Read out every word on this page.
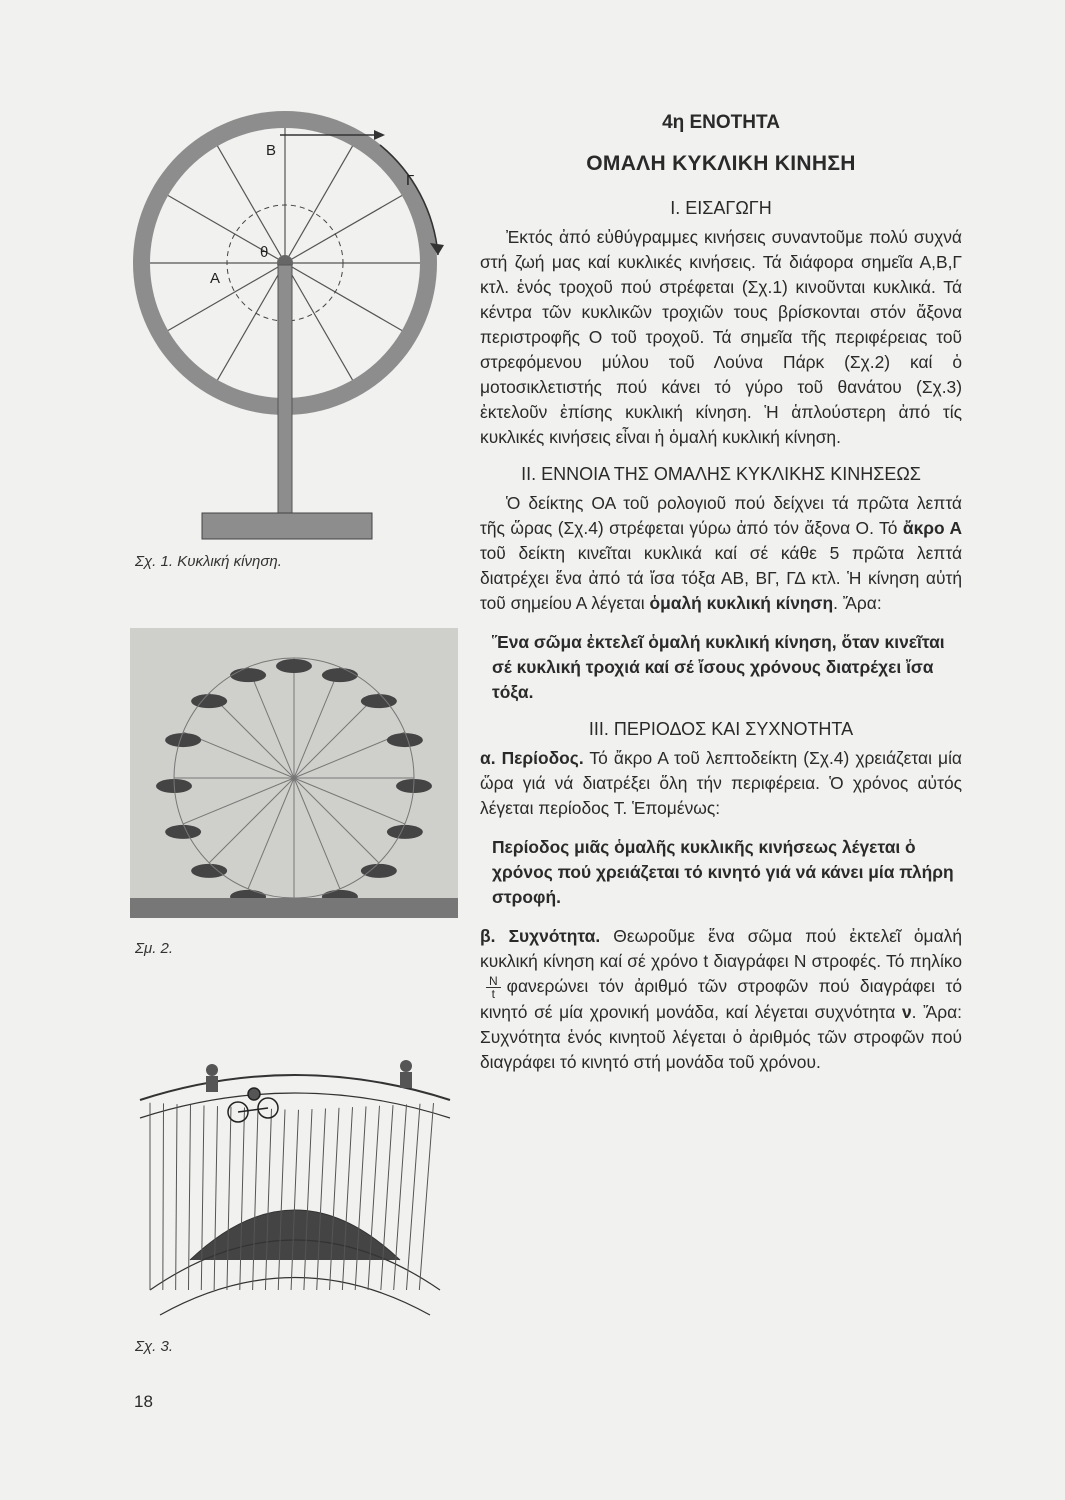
B
A
θ
Γ
Σχ. 1. Κυκλική κίνηση.
Σμ. 2.
Σχ. 3.
4η ΕΝΟΤΗΤΑ
ΟΜΑΛΗ ΚΥΚΛΙΚΗ ΚΙΝΗΣΗ
Ι. ΕΙΣΑΓΩΓΗ

Ἐκτός ἀπό εὐθύγραμμες κινήσεις συναντοῦμε πολύ συχνά στή ζωή μας καί κυκλικές κινήσεις. Τά διάφορα σημεῖα Α,Β,Γ κτλ. ἑνός τροχοῦ πού στρέφεται (Σχ.1) κινοῦνται κυκλικά. Τά κέντρα τῶν κυκλικῶν τροχιῶν τους βρίσκονται στόν ἄξονα περιστροφῆς Ο τοῦ τροχοῦ. Τά σημεῖα τῆς περιφέρειας τοῦ στρεφόμενου μύλου τοῦ Λούνα Πάρκ (Σχ.2) καί ὁ μοτοσικλετιστής πού κάνει τό γύρο τοῦ θανάτου (Σχ.3) ἐκτελοῦν ἐπίσης κυκλική κίνηση. Ἡ ἁπλούστερη ἀπό τίς κυκλικές κινήσεις εἶναι ἡ ὁμαλή κυκλική κίνηση.

ΙΙ. ΕΝΝΟΙΑ ΤΗΣ ΟΜΑΛΗΣ ΚΥΚΛΙΚΗΣ ΚΙΝΗΣΕΩΣ

Ὁ δείκτης ΟΑ τοῦ ρολογιοῦ πού δείχνει τά πρῶτα λεπτά τῆς ὥρας (Σχ.4) στρέφεται γύρω ἀπό τόν ἄξονα Ο. Τό ἄκρο Α τοῦ δείκτη κινεῖται κυκλικά καί σέ κάθε 5 πρῶτα λεπτά διατρέχει ἕνα ἀπό τά ἴσα τόξα ΑΒ, ΒΓ, ΓΔ κτλ. Ἡ κίνηση αὐτή τοῦ σημείου Α λέγεται ὁμαλή κυκλική κίνηση. Ἄρα:

Ἕνα σῶμα ἐκτελεῖ ὁμαλή κυκλική κίνηση, ὅταν κινεῖται σέ κυκλική τροχιά καί σέ ἴσους χρόνους διατρέχει ἴσα τόξα.

ΙΙΙ. ΠΕΡΙΟΔΟΣ ΚΑΙ ΣΥΧΝΟΤΗΤΑ

α. Περίοδος. Τό ἄκρο Α τοῦ λεπτοδείκτη (Σχ.4) χρειάζεται μία ὥρα γιά νά διατρέξει ὅλη τήν περιφέρεια. Ὁ χρόνος αὐτός λέγεται περίοδος Τ. Ἑπομένως:

Περίοδος μιᾶς ὁμαλῆς κυκλικῆς κινήσεως λέγεται ὁ χρόνος πού χρειάζεται τό κινητό γιά νά κάνει μία πλήρη στροφή.

β. Συχνότητα. Θεωροῦμε ἕνα σῶμα πού ἐκτελεῖ ὁμαλή κυκλική κίνηση καί σέ χρόνο t διαγράφει Ν στροφές. Τό πηλίκο
$\frac{N}{t}$ φανερώνει τόν ἀριθμό τῶν στροφῶν πού διαγράφει τό κινητό σέ μία χρονική μονάδα, καί λέγεται συχνότητα ν. Ἄρα: Συχνότητα ἑνός κινητοῦ λέγεται ὁ ἀριθμός τῶν στροφῶν πού διαγράφει τό κινητό στή μονάδα τοῦ χρόνου.

18
